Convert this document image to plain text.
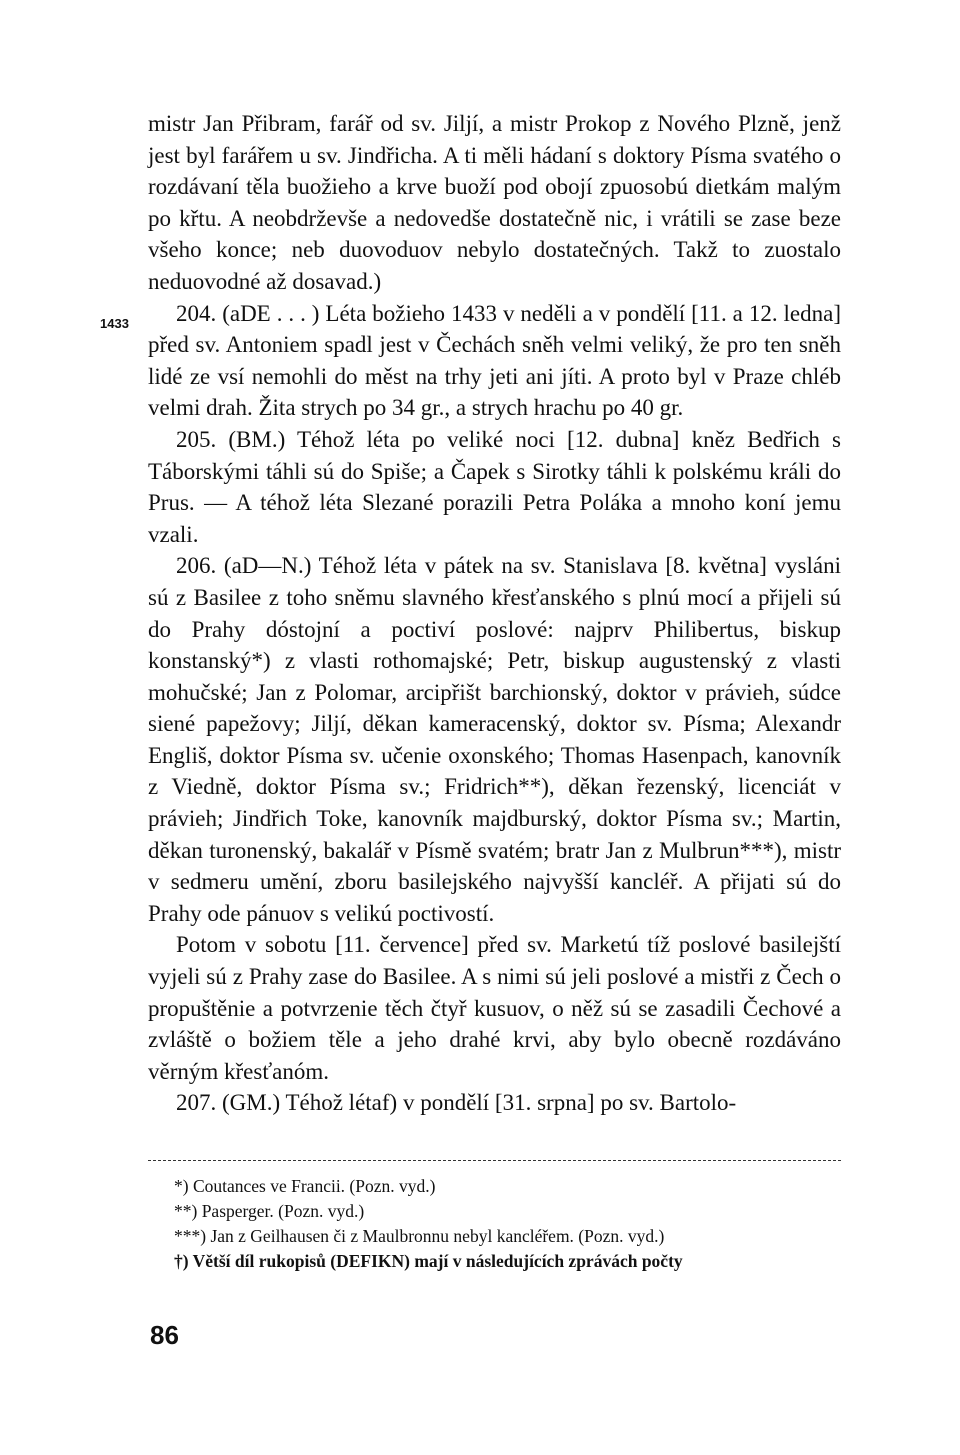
1433

mistr Jan Přibram, farář od sv. Jiljí, a mistr Prokop z Nového Plzně, jenž jest byl farářem u sv. Jindřicha. A ti měli hádaní s doktory Písma svatého o rozdávaní těla buožieho a krve buoží pod obojí zpuosobú dietkám malým po křtu. A neobdrževše a nedovedše dostatečně nic, i vrátili se zase beze všeho konce; neb duovoduov nebylo dostatečných. Takž to zuostalo neduovodné až dosavad.)

204. (aDE . . . ) Léta božieho 1433 v neděli a v pondělí [11. a 12. ledna] před sv. Antoniem spadl jest v Čechách sněh velmi veliký, že pro ten sněh lidé ze vsí nemohli do měst na trhy jeti ani jíti. A proto byl v Praze chléb velmi drah. Žita strych po 34 gr., a strych hrachu po 40 gr.

205. (BM.) Téhož léta po veliké noci [12. dubna] kněz Bedřich s Táborskými táhli sú do Spiše; a Čapek s Sirotky táhli k polskému králi do Prus. — A téhož léta Slezané porazili Petra Poláka a mnoho koní jemu vzali.

206. (aD—N.) Téhož léta v pátek na sv. Stanislava [8. května] vysláni sú z Basilee z toho sněmu slavného křesťanského s plnú mocí a přijeli sú do Prahy dóstojní a poctiví poslové: najprv Philibertus, biskup konstanský*) z vlasti rothomajské; Petr, biskup augustenský z vlasti mohučské; Jan z Polomar, arcipřišt barchionský, doktor v právieh, súdce siené papežovy; Jiljí, děkan kameracenský, doktor sv. Písma; Alexandr Engliš, doktor Písma sv. učenie oxonského; Thomas Hasenpach, kanovník z Viedně, doktor Písma sv.; Fridrich**), děkan řezenský, licenciát v právieh; Jindřich Toke, kanovník majdburský, doktor Písma sv.; Martin, děkan turonenský, bakalář v Písmě svatém; bratr Jan z Mulbrun***), mistr v sedmeru umění, zboru basilejského najvyšší kancléř. A přijati sú do Prahy ode pánuov s velikú poctivostí.

Potom v sobotu [11. července] před sv. Marketú tíž poslové basilejští vyjeli sú z Prahy zase do Basilee. A s nimi sú jeli poslové a mistři z Čech o propuštěnie a potvrzenie těch čtyř kusuov, o něž sú se zasadili Čechové a zvláště o božiem těle a jeho drahé krvi, aby bylo obecně rozdáváno věrným křesťanóm.

207. (GM.) Téhož létaf) v pondělí [31. srpna] po sv. Bartolo-

*) Coutances ve Francii. (Pozn. vyd.)

**) Pasperger. (Pozn. vyd.)

***) Jan z Geilhausen či z Maulbronnu nebyl kancléřem. (Pozn. vyd.)

†) Větší díl rukopisů (DEFIKN) mají v následujících zprávách počty

86
